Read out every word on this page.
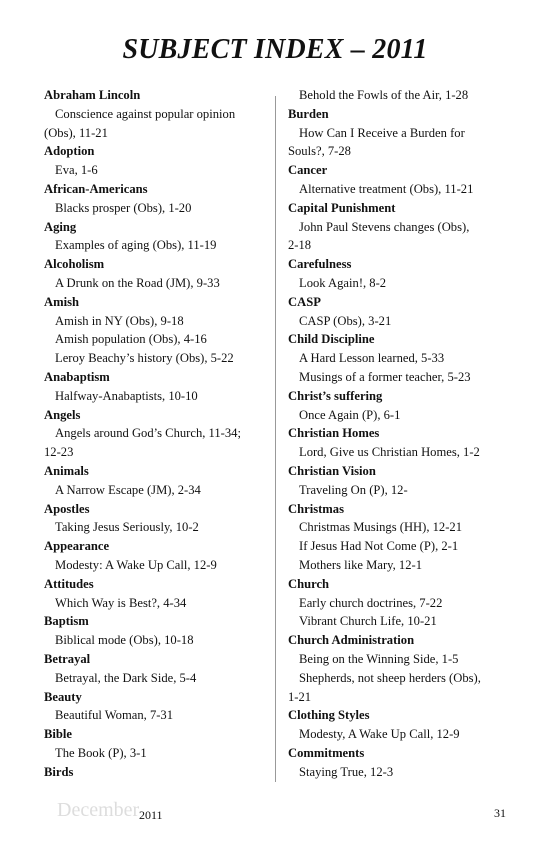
SUBJECT INDEX – 2011
Abraham Lincoln
Conscience against popular opinion
(Obs), 11-21
Adoption
Eva, 1-6
African-Americans
Blacks prosper (Obs), 1-20
Aging
Examples of aging (Obs), 11-19
Alcoholism
A Drunk on the Road (JM), 9-33
Amish
Amish in NY (Obs), 9-18
Amish population (Obs), 4-16
Leroy Beachy’s history (Obs), 5-22
Anabaptism
Halfway-Anabaptists, 10-10
Angels
Angels around God’s Church, 11-34;
12-23
Animals
A Narrow Escape (JM), 2-34
Apostles
Taking Jesus Seriously, 10-2
Appearance
Modesty: A Wake Up Call, 12-9
Attitudes
Which Way is Best?, 4-34
Baptism
Biblical mode (Obs), 10-18
Betrayal
Betrayal, the Dark Side, 5-4
Beauty
Beautiful Woman, 7-31
Bible
The Book (P), 3-1
Birds
Behold the Fowls of the Air, 1-28
Burden
How Can I Receive a Burden for
Souls?, 7-28
Cancer
Alternative treatment (Obs), 11-21
Capital Punishment
John Paul Stevens changes (Obs),
2-18
Carefulness
Look Again!, 8-2
CASP
CASP (Obs), 3-21
Child Discipline
A Hard Lesson learned, 5-33
Musings of a former teacher, 5-23
Christ’s suffering
Once Again (P), 6-1
Christian Homes
Lord, Give us Christian Homes, 1-2
Christian Vision
Traveling On (P), 12-
Christmas
Christmas Musings (HH), 12-21
If Jesus Had Not Come (P), 2-1
Mothers like Mary, 12-1
Church
Early church doctrines, 7-22
Vibrant Church Life, 10-21
Church Administration
Being on the Winning Side, 1-5
Shepherds, not sheep herders (Obs),
1-21
Clothing Styles
Modesty, A Wake Up Call, 12-9
Commitments
Staying True, 12-3
December 2011	31
